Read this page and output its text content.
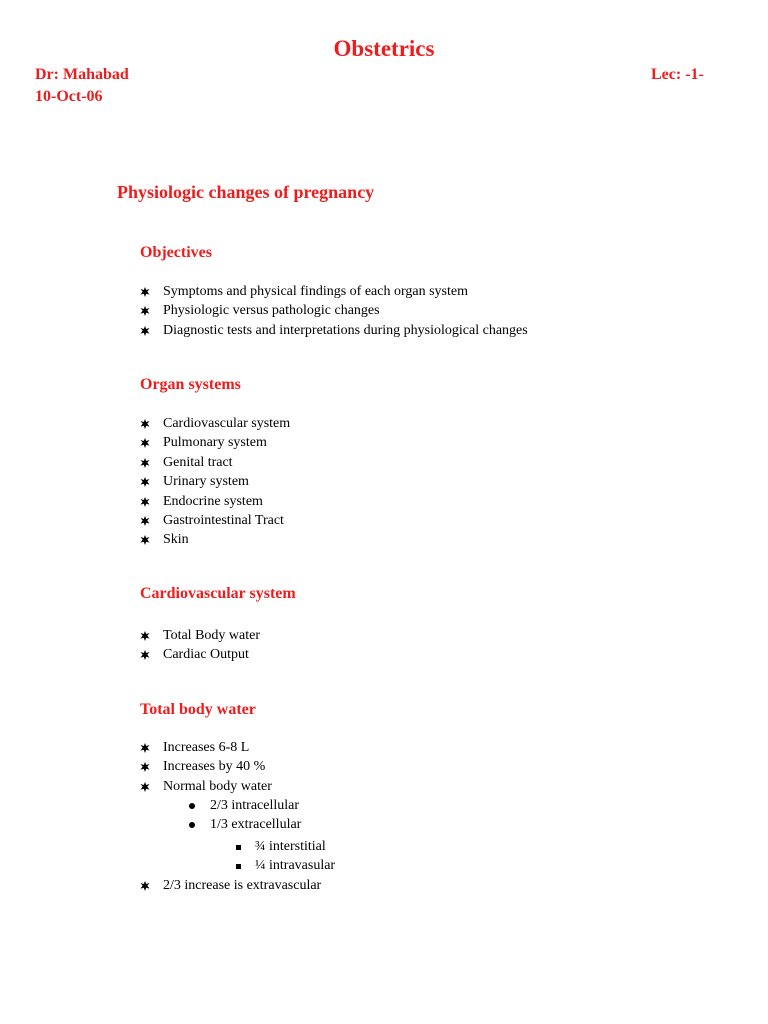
Obstetrics
Dr: Mahabad	Lec: -1-
10-Oct-06
Physiologic changes of pregnancy
Objectives
Symptoms and physical findings of each organ system
Physiologic versus pathologic changes
Diagnostic tests and interpretations during physiological changes
Organ systems
Cardiovascular system
Pulmonary system
Genital tract
Urinary system
Endocrine system
Gastrointestinal Tract
Skin
Cardiovascular system
Total Body water
Cardiac Output
Total body water
Increases 6-8 L
Increases by 40 %
Normal body water
2/3 intracellular
1/3 extracellular
¾ interstitial
¼ intravasular
2/3 increase is extravascular
